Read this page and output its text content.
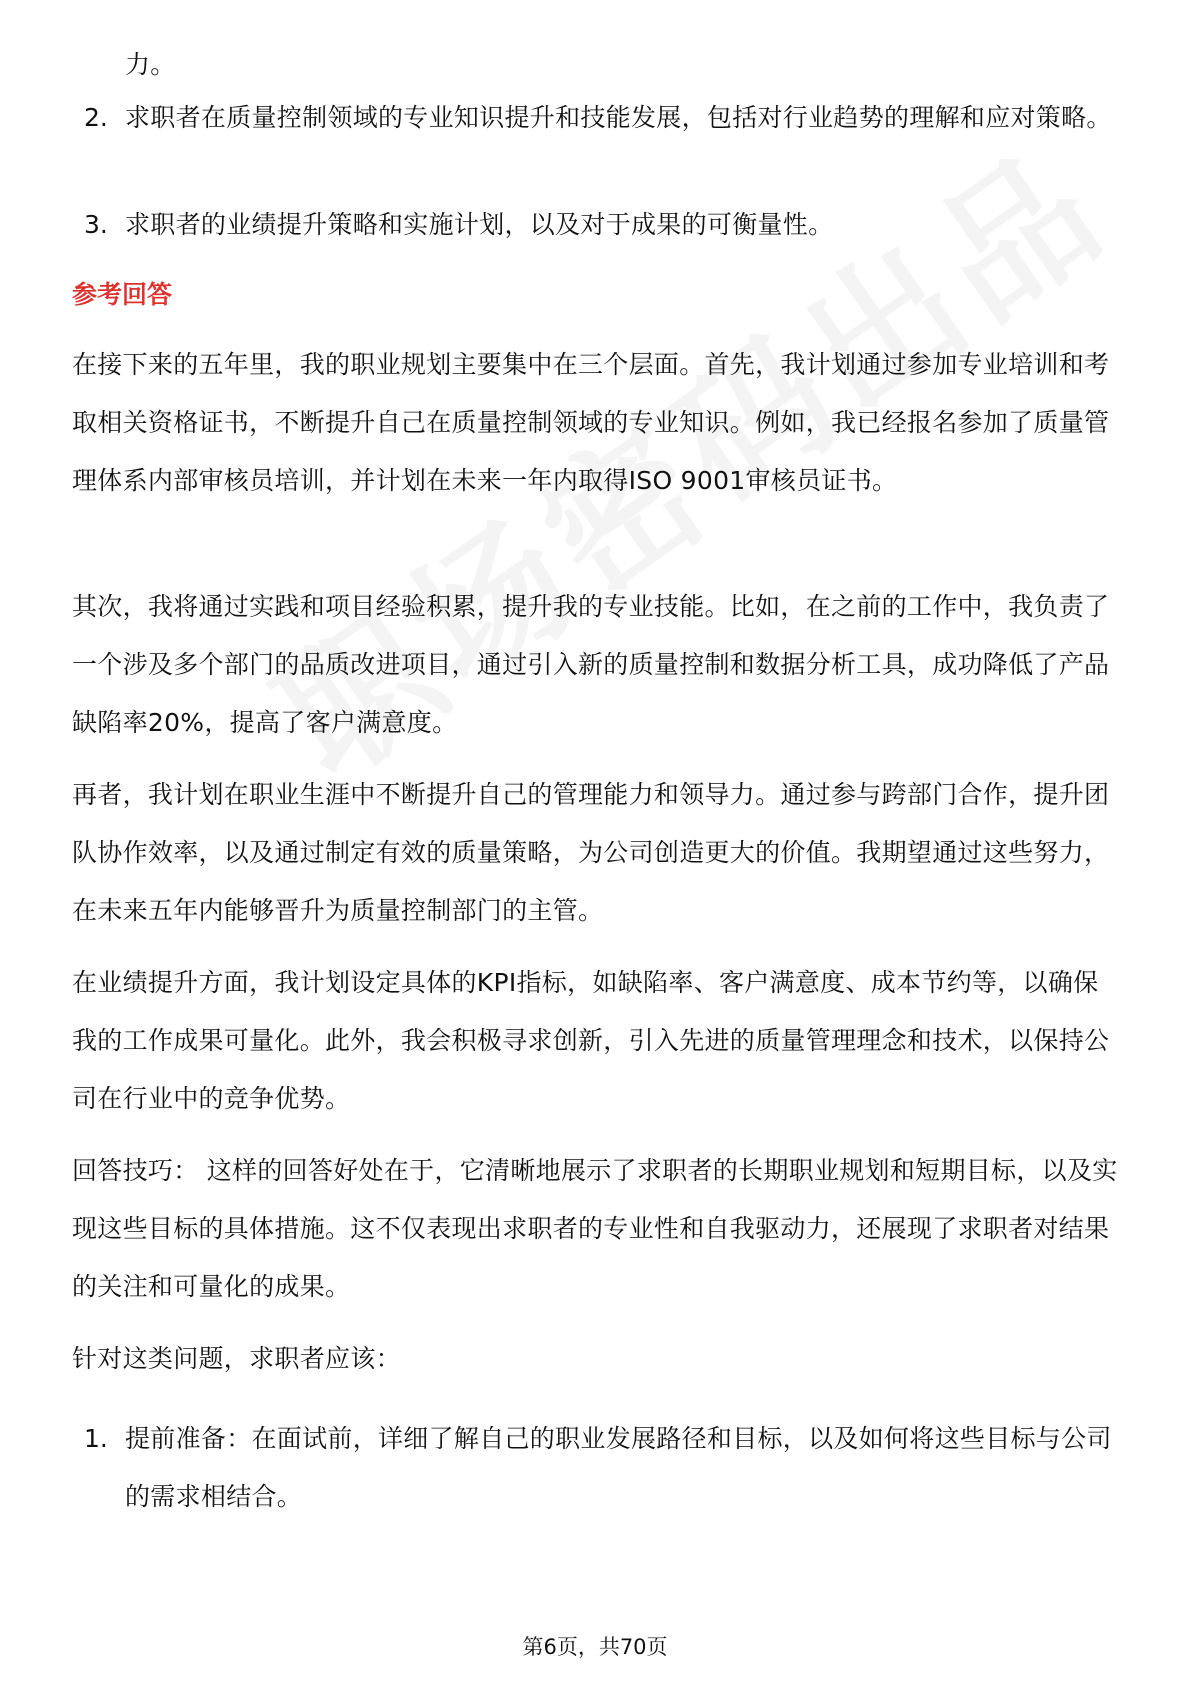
力。
2. 求职者在质量控制领域的专业知识提升和技能发展，包括对行业趋势的理解和应对策略。
3. 求职者的业绩提升策略和实施计划，以及对于成果的可衡量性。
参考回答
在接下来的五年里，我的职业规划主要集中在三个层面。首先，我计划通过参加专业培训和考取相关资格证书，不断提升自己在质量控制领域的专业知识。例如，我已经报名参加了质量管理体系内部审核员培训，并计划在未来一年内取得ISO 9001审核员证书。
其次，我将通过实践和项目经验积累，提升我的专业技能。比如，在之前的工作中，我负责了一个涉及多个部门的品质改进项目，通过引入新的质量控制和数据分析工具，成功降低了产品缺陷率20%，提高了客户满意度。
再者，我计划在职业生涯中不断提升自己的管理能力和领导力。通过参与跨部门合作，提升团队协作效率，以及通过制定有效的质量策略，为公司创造更大的价值。我期望通过这些努力，在未来五年内能够晋升为质量控制部门的主管。
在业绩提升方面，我计划设定具体的KPI指标，如缺陷率、客户满意度、成本节约等，以确保我的工作成果可量化。此外，我会积极寻求创新，引入先进的质量管理理念和技术，以保持公司在行业中的竞争优势。
回答技巧： 这样的回答好处在于，它清晰地展示了求职者的长期职业规划和短期目标，以及实现这些目标的具体措施。这不仅表现出求职者的专业性和自我驱动力，还展现了求职者对结果的关注和可量化的成果。
针对这类问题，求职者应该：
1. 提前准备：在面试前，详细了解自己的职业发展路径和目标，以及如何将这些目标与公司的需求相结合。
第6页，共70页
